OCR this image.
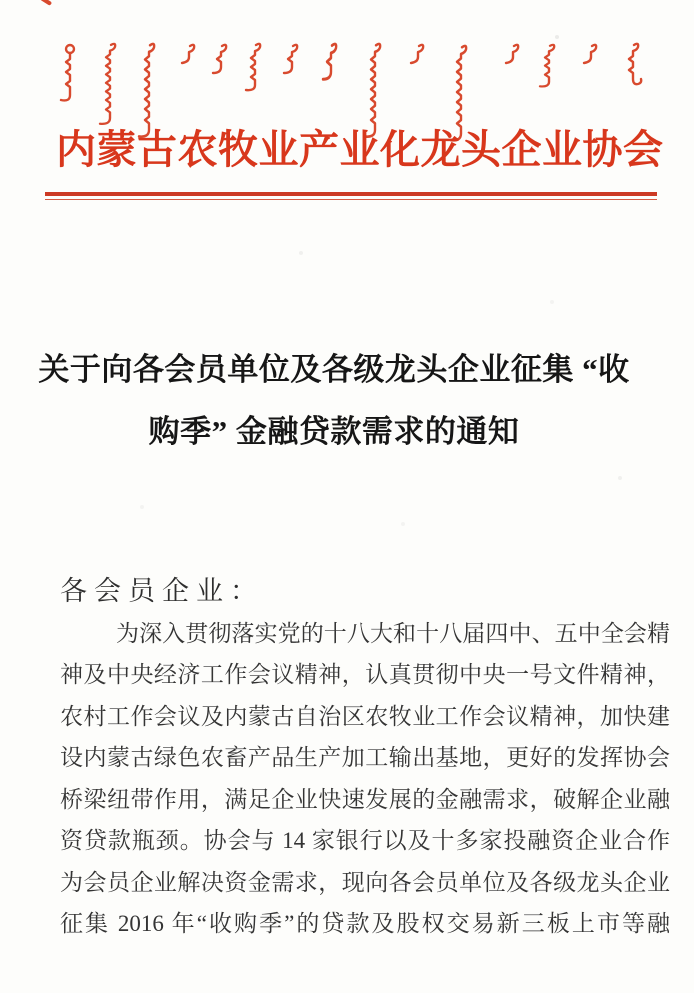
内蒙古农牧业产业化龙头企业协会
关于向各会员单位及各级龙头企业征集 “收
购季” 金融贷款需求的通知
各会员企业：
为深入贯彻落实党的十八大和十八届四中、五中全会精
神及中央经济工作会议精神，认真贯彻中央一号文件精神，
农村工作会议及内蒙古自治区农牧业工作会议精神，加快建
设内蒙古绿色农畜产品生产加工输出基地，更好的发挥协会
桥梁纽带作用，满足企业快速发展的金融需求，破解企业融
资贷款瓶颈。协会与 14 家银行以及十多家投融资企业合作
为会员企业解决资金需求，现向各会员单位及各级龙头企业
征集 2016 年“收购季”的贷款及股权交易新三板上市等融
